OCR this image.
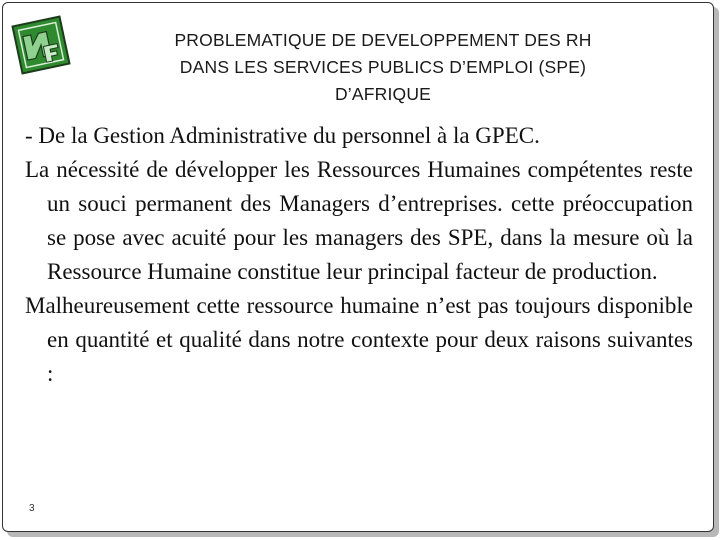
PROBLEMATIQUE DE DEVELOPPEMENT DES RH
DANS LES SERVICES PUBLICS D’EMPLOI (SPE)
D’AFRIQUE

- De la Gestion Administrative du personnel à la GPEC.

La nécessité de développer les Ressources Humaines compétentes reste un souci permanent des Managers d’entreprises. cette préoccupation se pose avec acuité pour les managers des SPE, dans la mesure où la Ressource Humaine constitue leur principal facteur de production.

Malheureusement cette ressource humaine n’est pas toujours disponible en quantité et qualité dans notre contexte pour deux raisons suivantes :

3
